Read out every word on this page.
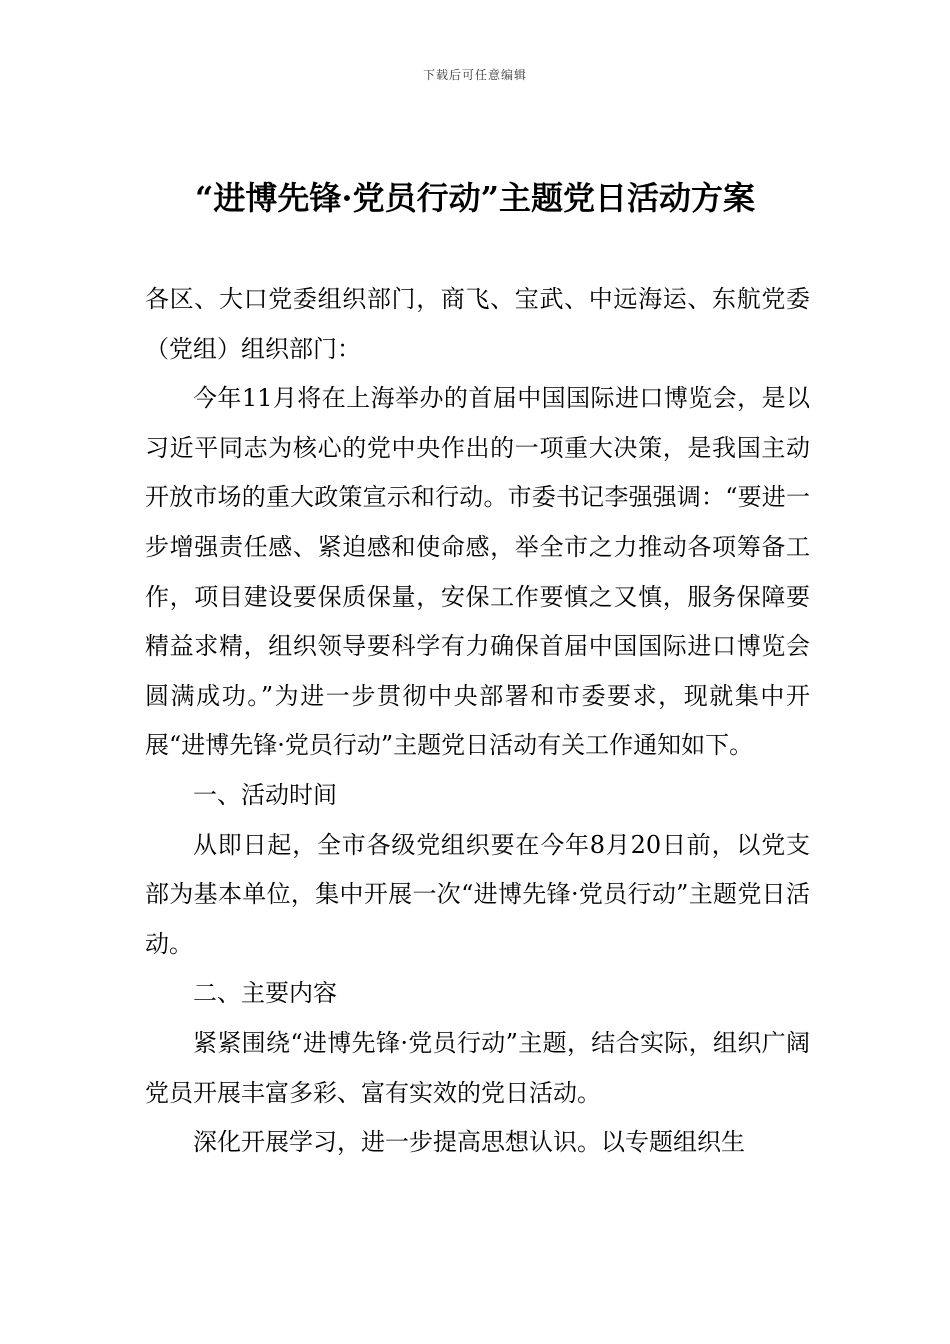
下载后可任意编辑
“进博先锋·党员行动”主题党日活动方案

各区、大口党委组织部门，商飞、宝武、中远海运、东航党委（党组）组织部门：

今年11月将在上海举办的首届中国国际进口博览会，是以习近平同志为核心的党中央作出的一项重大决策，是我国主动开放市场的重大政策宣示和行动。市委书记李强强调：“要进一步增强责任感、紧迫感和使命感，举全市之力推动各项筹备工作，项目建设要保质保量，安保工作要慎之又慎，服务保障要精益求精，组织领导要科学有力确保首届中国国际进口博览会圆满成功。”为进一步贯彻中央部署和市委要求，现就集中开展“进博先锋·党员行动”主题党日活动有关工作通知如下。

一、活动时间

从即日起，全市各级党组织要在今年8月20日前，以党支部为基本单位，集中开展一次“进博先锋·党员行动”主题党日活动。

二、主要内容

紧紧围绕“进博先锋·党员行动”主题，结合实际，组织广阔党员开展丰富多彩、富有实效的党日活动。

深化开展学习，进一步提高思想认识。以专题组织生
